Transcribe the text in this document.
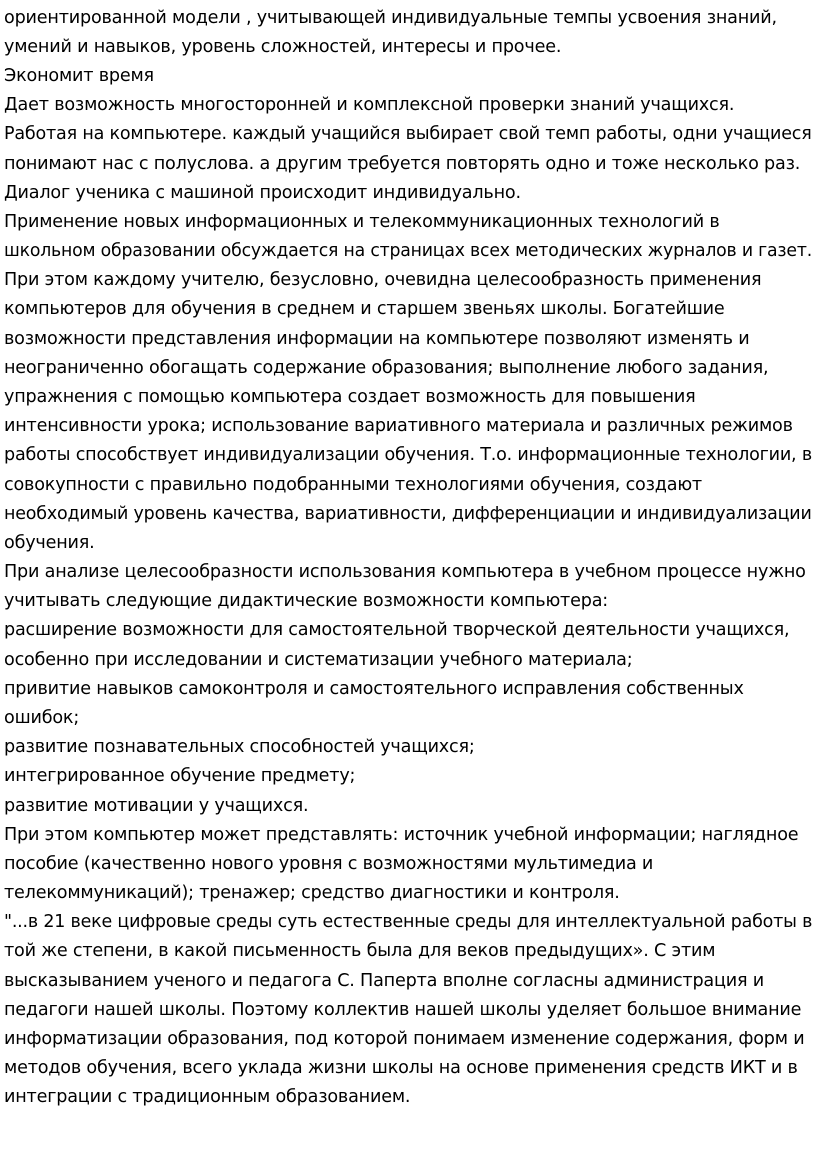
ориентированной модели , учитывающей индивидуальные темпы усвоения знаний,
умений и навыков, уровень сложностей, интересы и прочее.
Экономит время
Дает возможность многосторонней и комплексной проверки знаний учащихся.
Работая на компьютере. каждый учащийся выбирает свой темп работы, одни учащиеся
понимают нас с полуслова. а другим требуется повторять одно и тоже несколько раз.
Диалог ученика с машиной происходит индивидуально.
Применение новых информационных и телекоммуникационных технологий в
школьном образовании обсуждается на страницах всех методических журналов и газет.
При этом каждому учителю, безусловно, очевидна целесообразность применения
компьютеров для обучения в среднем и старшем звеньях школы. Богатейшие
возможности представления информации на компьютере позволяют изменять и
неограниченно обогащать содержание образования; выполнение любого задания,
упражнения с помощью компьютера создает возможность для повышения
интенсивности урока; использование вариативного материала и различных режимов
работы способствует индивидуализации обучения. Т.о. информационные технологии, в
совокупности с правильно подобранными технологиями обучения, создают
необходимый уровень качества, вариативности, дифференциации и индивидуализации
обучения.
При анализе целесообразности использования компьютера в учебном процессе нужно
учитывать следующие дидактические возможности компьютера:
расширение возможности для самостоятельной творческой деятельности учащихся,
особенно при исследовании и систематизации учебного материала;
привитие навыков самоконтроля и самостоятельного исправления собственных
ошибок;
развитие познавательных способностей учащихся;
интегрированное обучение предмету;
развитие мотивации у учащихся.
При этом компьютер может представлять: источник учебной информации; наглядное
пособие (качественно нового уровня с возможностями мультимедиа и
телекоммуникаций); тренажер; средство диагностики и контроля.
"...в 21 веке цифровые среды суть естественные среды для интеллектуальной работы в
той же степени, в какой письменность была для веков предыдущих». С этим
высказыванием ученого и педагога С. Паперта вполне согласны администрация и
педагоги нашей школы. Поэтому коллектив нашей школы уделяет большое внимание
информатизации образования, под которой понимаем изменение содержания, форм и
методов обучения, всего уклада жизни школы на основе применения средств ИКТ и в
интеграции с традиционным образованием.
